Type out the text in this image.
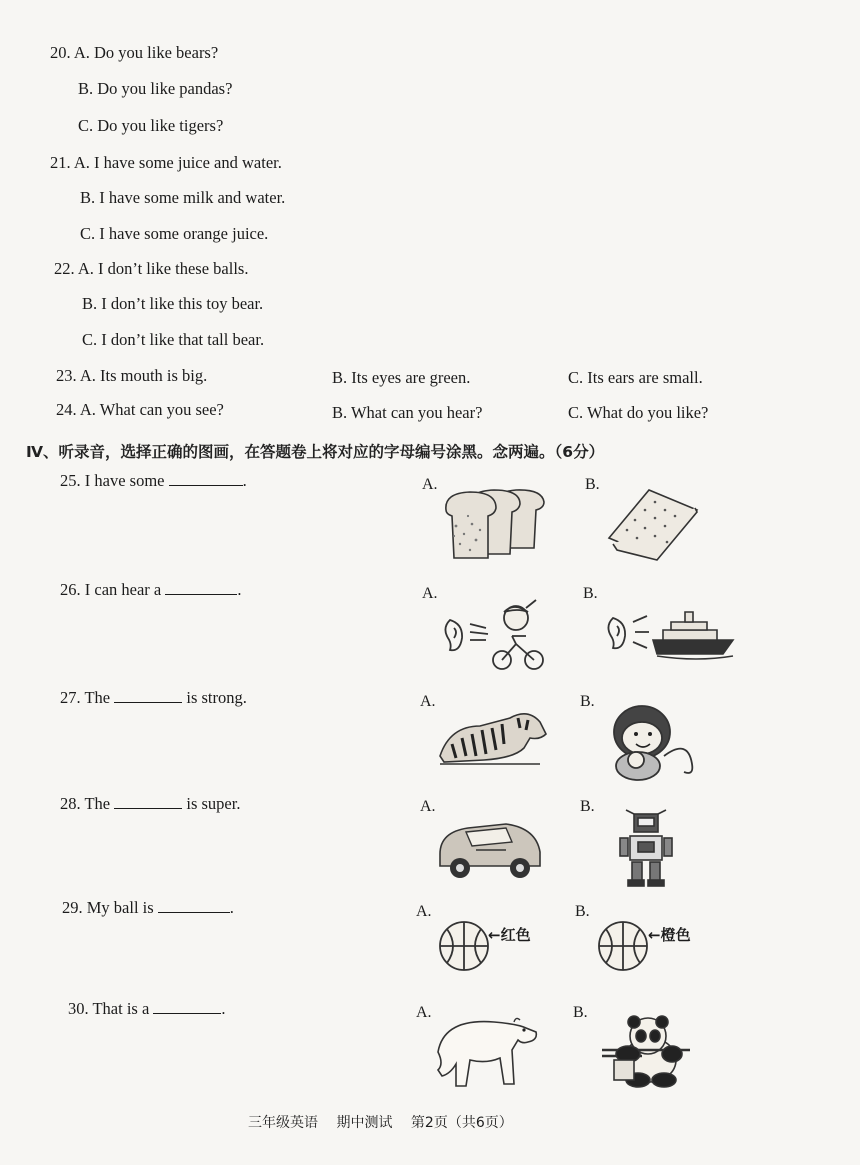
20. A. Do you like bears?
B. Do you like pandas?
C. Do you like tigers?
21. A. I have some juice and water.
B. I have some milk and water.
C. I have some orange juice.
22. A. I don’t like these balls.
B. I don’t like this toy bear.
C. I don’t like that tall bear.
23. A. Its mouth is big.	B. Its eyes are green.	C. Its ears are small.
24. A. What can you see?	B. What can you hear?	C. What do you like?
Ⅳ、听录音，选择正确的图画，在答题卷上将对应的字母编号涂黑。念两遍。（6分）
25. I have some	.	A.	B.
26. I can hear a	.	A.	B.
27. The	is strong.	A.	B.
28. The	is super.	A.	B.
29. My ball is	.	A.	B.
←红色	←橙色
30. That is a	.	A.	B.
三年级英语 期中测试 第2页（共6页）
